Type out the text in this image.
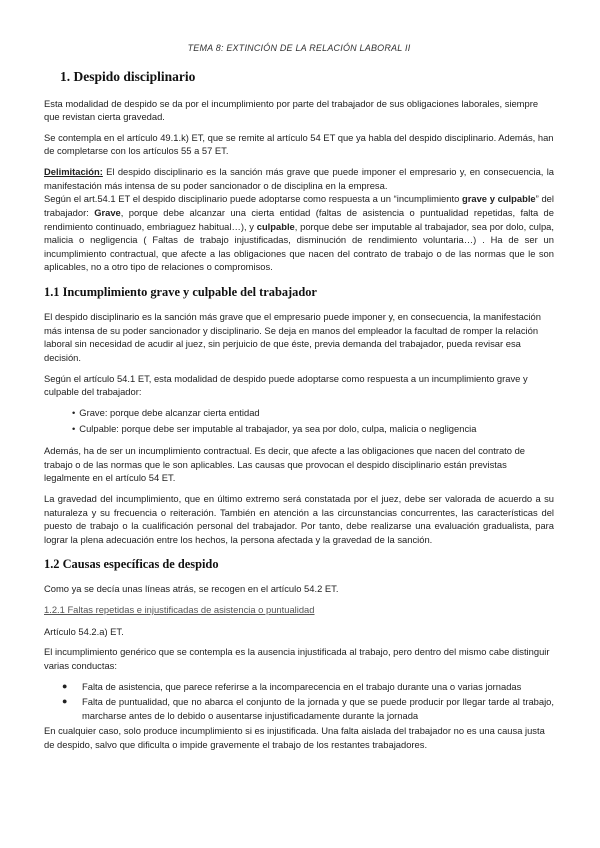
TEMA 8: EXTINCIÓN DE LA RELACIÓN LABORAL II
1. Despido disciplinario

Esta modalidad de despido se da por el incumplimiento por parte del trabajador de sus obligaciones laborales, siempre que revistan cierta gravedad.

Se contempla en el artículo 49.1.k) ET, que se remite al artículo 54 ET que ya habla del despido disciplinario. Además, han de completarse con los artículos 55 a 57 ET.

Delimitación: El despido disciplinario es la sanción más grave que puede imponer el empresario y, en consecuencia, la manifestación más intensa de su poder sancionador o de disciplina en la empresa.

Según el art.54.1 ET el despido disciplinario puede adoptarse como respuesta a un “incumplimiento grave y culpable” del trabajador: Grave, porque debe alcanzar una cierta entidad (faltas de asistencia o puntualidad repetidas, falta de rendimiento continuado, embriaguez habitual…), y culpable, porque debe ser imputable al trabajador, sea por dolo, culpa, malicia o negligencia ( Faltas de trabajo injustificadas, disminución de rendimiento voluntaria…) . Ha de ser un incumplimiento contractual, que afecte a las obligaciones que nacen del contrato de trabajo o de las normas que le son aplicables, no a otro tipo de relaciones o compromisos.

1.1 Incumplimiento grave y culpable del trabajador

El despido disciplinario es la sanción más grave que el empresario puede imponer y, en consecuencia, la manifestación más intensa de su poder sancionador y disciplinario. Se deja en manos del empleador la facultad de romper la relación laboral sin necesidad de acudir al juez, sin perjuicio de que éste, previa demanda del trabajador, pueda revisar esa decisión.

Según el artículo 54.1 ET, esta modalidad de despido puede adoptarse como respuesta a un incumplimiento grave y culpable del trabajador:

• Grave: porque debe alcanzar cierta entidad
• Culpable: porque debe ser imputable al trabajador, ya sea por dolo, culpa, malicia o negligencia

Además, ha de ser un incumplimiento contractual. Es decir, que afecte a las obligaciones que nacen del contrato de trabajo o de las normas que le son aplicables. Las causas que provocan el despido disciplinario están previstas legalmente en el artículo 54 ET.

La gravedad del incumplimiento, que en último extremo será constatada por el juez, debe ser valorada de acuerdo a su naturaleza y su frecuencia o reiteración. También en atención a las circunstancias concurrentes, las características del puesto de trabajo o la cualificación personal del trabajador. Por tanto, debe realizarse una evaluación gradualista, para lograr la plena adecuación entre los hechos, la persona afectada y la gravedad de la sanción.

1.2 Causas específicas de despido

Como ya se decía unas líneas atrás, se recogen en el artículo 54.2 ET.

1.2.1 Faltas repetidas e injustificadas de asistencia o puntualidad

Artículo 54.2.a) ET.

El incumplimiento genérico que se contempla es la ausencia injustificada al trabajo, pero dentro del mismo cabe distinguir varias conductas:

● Falta de asistencia, que parece referirse a la incomparecencia en el trabajo durante una o varias jornadas
● Falta de puntualidad, que no abarca el conjunto de la jornada y que se puede producir por llegar tarde al trabajo, marcharse antes de lo debido o ausentarse injustificadamente durante la jornada

En cualquier caso, solo produce incumplimiento si es injustificada. Una falta aislada del trabajador no es una causa justa de despido, salvo que dificulta o impide gravemente el trabajo de los restantes trabajadores.
